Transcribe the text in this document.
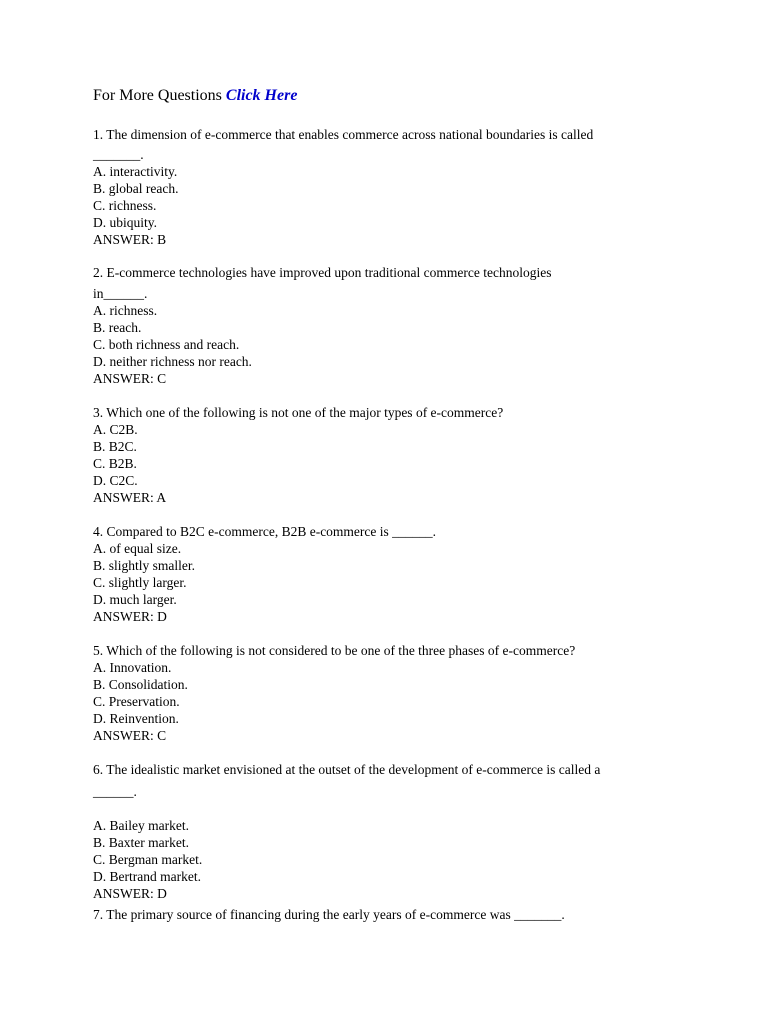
For More Questions Click Here
1. The dimension of e-commerce that enables commerce across national boundaries is called
_______.
A. interactivity.
B. global reach.
C. richness.
D. ubiquity.
ANSWER: B
2. E-commerce technologies have improved upon traditional commerce technologies
in______.
A. richness.
B. reach.
C. both richness and reach.
D. neither richness nor reach.
ANSWER: C
3. Which one of the following is not one of the major types of e-commerce?
A. C2B.
B. B2C.
C. B2B.
D. C2C.
ANSWER: A
4. Compared to B2C e-commerce, B2B e-commerce is ______.
A. of equal size.
B. slightly smaller.
C. slightly larger.
D. much larger.
ANSWER: D
5. Which of the following is not considered to be one of the three phases of e-commerce?
A. Innovation.
B. Consolidation.
C. Preservation.
D. Reinvention.
ANSWER: C
6. The idealistic market envisioned at the outset of the development of e-commerce is called a
______.
A. Bailey market.
B. Baxter market.
C. Bergman market.
D. Bertrand market.
ANSWER: D
7. The primary source of financing during the early years of e-commerce was _______.
